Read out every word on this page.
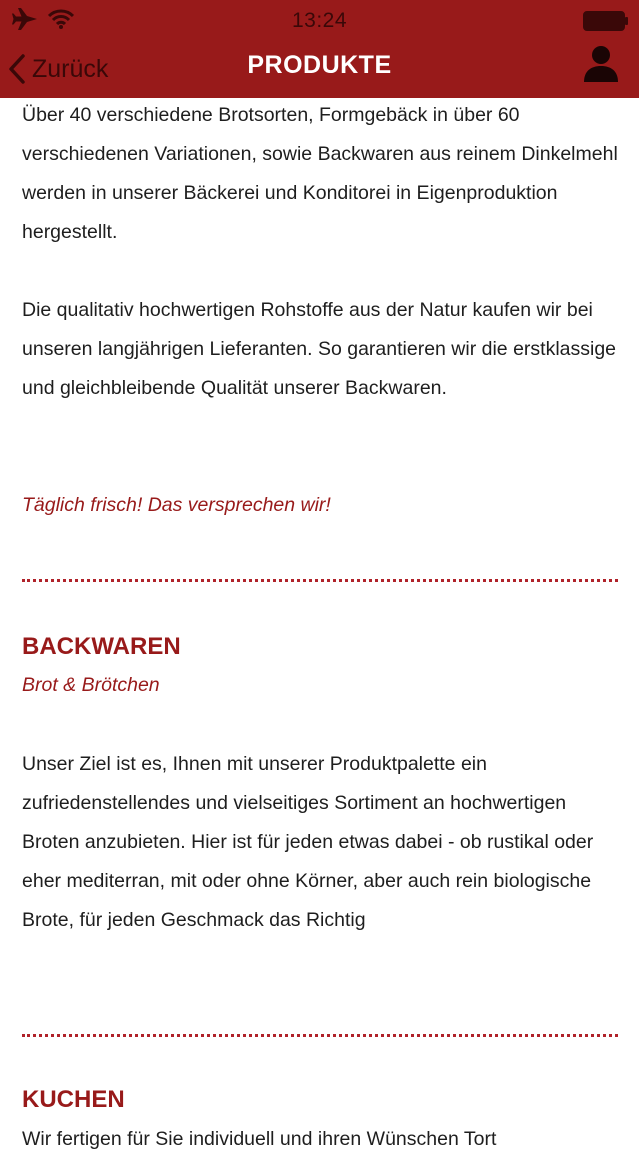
13:24
Zurück	PRODUKTE

Über 40 verschiedene Brotsorten, Formgebäck in über 60 verschiedenen Variationen, sowie Backwaren aus reinem Dinkelmehl werden in unserer Bäckerei und Konditorei in Eigenproduktion hergestellt.

Die qualitativ hochwertigen Rohstoffe aus der Natur kaufen wir bei unseren langjährigen Lieferanten. So garantieren wir die erstklassige und gleichbleibende Qualität unserer Backwaren.

Täglich frisch! Das versprechen wir!

BACKWAREN

Brot & Brötchen

Unser Ziel ist es, Ihnen mit unserer Produktpalette ein zufriedenstellendes und vielseitiges Sortiment an hochwertigen Broten anzubieten. Hier ist für jeden etwas dabei - ob rustikal oder eher mediterran, mit oder ohne Körner, aber auch rein biologische Brote, für jeden Geschmack das Richtig

KUCHEN

Wir fertigen für Sie individuell und ihren Wünschen Tort
